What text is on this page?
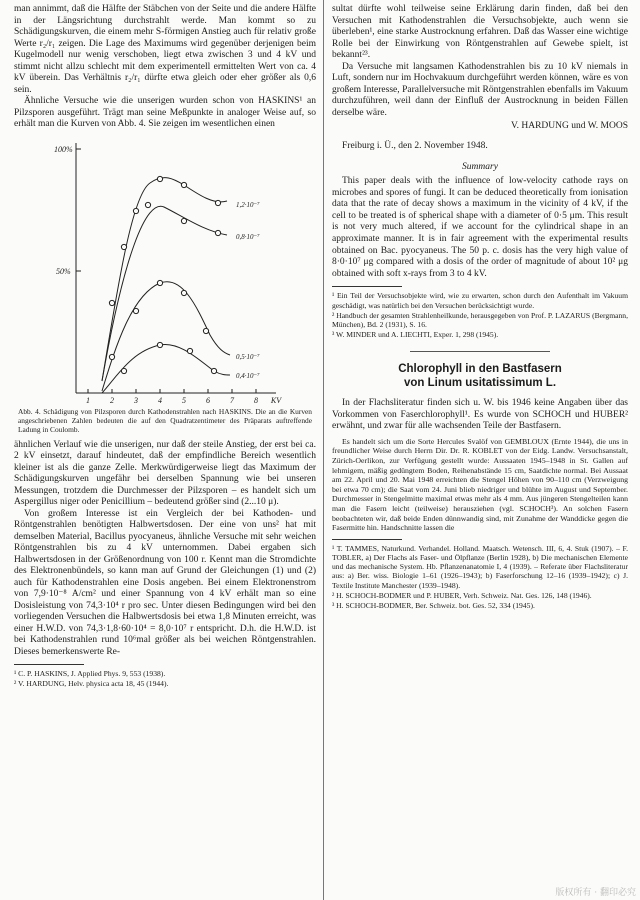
man annimmt, daß die Hälfte der Stäbchen von der Seite und die andere Hälfte in der Längsrichtung durchstrahlt werde. Man kommt so zu Schädigungskurven, die einem mehr S-förmigen Anstieg auch für relativ große Werte r₂/r₁ zeigen. Die Lage des Maximums wird gegenüber derjenigen beim Kugelmodell nur wenig verschoben, liegt etwa zwischen 3 und 4 kV und stimmt nicht allzu schlecht mit dem experimentell ermittelten Wert von ca. 4 kV überein. Das Verhältnis r₂/r₁ dürfte etwa gleich oder eher größer als 0,6 sein.

Ähnliche Versuche wie die unserigen wurden schon von HASKINS¹ an Pilzsporen ausgeführt. Trägt man seine Meßpunkte in analoger Weise auf, so erhält man die Kurven von Abb. 4. Sie zeigen im wesentlichen einen

100%
50%
1,2·10⁻⁷
0,8·10⁻⁷
0,5·10⁻⁷
0,4·10⁻⁷
1	2	3	4	5	6	7	8 KV

Abb. 4. Schädigung von Pilzsporen durch Kathodenstrahlen nach HASKINS. Die an die Kurven angeschriebenen Zahlen bedeuten die auf den Quadratzentimeter des Präparats auftreffende Ladung in Coulomb.

ähnlichen Verlauf wie die unserigen, nur daß der steile Anstieg, der erst bei ca. 2 kV einsetzt, darauf hindeutet, daß der empfindliche Bereich wesentlich kleiner ist als die ganze Zelle. Merkwürdigerweise liegt das Maximum der Schädigungskurven ungefähr bei derselben Spannung wie bei unseren Messungen, trotzdem die Durchmesser der Pilzsporen – es handelt sich um Aspergillus niger oder Penicillium – bedeutend größer sind (2...10 μ).

Von großem Interesse ist ein Vergleich der bei Kathoden- und Röntgenstrahlen benötigten Halbwertsdosen. Der eine von uns² hat mit demselben Material, Bacillus pyocyaneus, ähnliche Versuche mit sehr weichen Röntgenstrahlen bis zu 4 kV unternommen. Dabei ergaben sich Halbwertsdosen in der Größenordnung von 100 r. Kennt man die Stromdichte des Elektronenbündels, so kann man auf Grund der Gleichungen (1) und (2) auch für Kathodenstrahlen eine Dosis angeben. Bei einem Elektronenstrom von 7,9·10⁻⁸ A/cm² und einer Spannung von 4 kV erhält man so eine Dosisleistung von 74,3·10⁴ r pro sec. Unter diesen Bedingungen wird bei den vorliegenden Versuchen die Halbwertsdosis bei etwa 1,8 Minuten erreicht, was einer H.W.D. von 74,3·1,8·60·10⁴ = 8,0·10⁷ r entspricht. D.h. die H.W.D. ist bei Kathodenstrahlen rund 10⁶mal größer als bei weichen Röntgenstrahlen. Dieses bemerkenswerte Re-

¹ C. P. HASKINS, J. Applied Phys. 9, 553 (1938).

² V. HARDUNG, Helv. physica acta 18, 45 (1944).

sultat dürfte wohl teilweise seine Erklärung darin finden, daß bei den Versuchen mit Kathodenstrahlen die Versuchsobjekte, auch wenn sie überleben¹, eine starke Austrocknung erfahren. Daß das Wasser eine wichtige Rolle bei der Einwirkung von Röntgenstrahlen auf Gewebe spielt, ist bekannt²³.

Da Versuche mit langsamen Kathodenstrahlen bis zu 10 kV niemals in Luft, sondern nur im Hochvakuum durchgeführt werden können, wäre es von großem Interesse, Parallelversuche mit Röntgenstrahlen ebenfalls im Vakuum durchzuführen, weil dann der Einfluß der Austrocknung in beiden Fällen derselbe wäre.

V. HARDUNG und W. MOOS

Freiburg i. Ü., den 2. November 1948.

Summary

This paper deals with the influence of low-velocity cathode rays on microbes and spores of fungi. It can be deduced theoretically from ionisation data that the rate of decay shows a maximum in the vicinity of 4 kV, if the cell to be treated is of spherical shape with a diameter of 0·5 μm. This result is not very much altered, if we account for the cylindrical shape in an approximate manner. It is in fair agreement with the experimental results obtained on Bac. pyocyaneus. The 50 p. c. dosis has the very high value of 8·0·10⁷ μg compared with a dosis of the order of magnitude of about 10² μg obtained with soft x-rays from 3 to 4 kV.

¹ Ein Teil der Versuchsobjekte wird, wie zu erwarten, schon durch den Aufenthalt im Vakuum geschädigt, was natürlich bei den Versuchen berücksichtigt wurde.

² Handbuch der gesamten Strahlenheilkunde, herausgegeben von Prof. P. LAZARUS (Bergmann, München), Bd. 2 (1931), S. 16.

³ W. MINDER und A. LIECHTI, Exper. 1, 298 (1945).

Chlorophyll in den Bastfasern

von Linum usitatissimum L.

In der Flachsliteratur finden sich u. W. bis 1946 keine Angaben über das Vorkommen von Faserchlorophyll¹. Es wurde von SCHOCH und HUBER² erwähnt, und zwar für alle wachsenden Teile der Bastfasern.

Es handelt sich um die Sorte Hercules Svalöf von GEMBLOUX (Ernte 1944), die uns in freundlicher Weise durch Herrn Dir. Dr. R. KOBLET von der Eidg. Landw. Versuchsanstalt, Zürich-Oerlikon, zur Verfügung gestellt wurde: Aussaaten 1945–1948 in St. Gallen auf lehmigem, mäßig gedüngtem Boden, Reihenabstände 15 cm, Saatdichte normal. Bei Aussaat am 22. April und 20. Mai 1948 erreichten die Stengel Höhen von 90–110 cm (Verzweigung bei etwa 70 cm); die Saat vom 24. Juni blieb niedriger und blühte im August und September. Durchmesser in Stengelmitte maximal etwas mehr als 4 mm. Aus jüngeren Stengelteilen kann man die Fasern leicht (teilweise) herausziehen (vgl. SCHOCH³). An solchen Fasern beobachteten wir, daß beide Enden dünnwandig sind, mit Zunahme der Wanddicke gegen die Fasermitte hin. Handschnitte lassen die

¹ T. TAMMES, Naturkund. Verhandel. Holland. Maatsch. Wetensch. III, 6, 4. Stuk (1907). – F. TOBLER, a) Der Flachs als Faser- und Ölpflanze (Berlin 1928), b) Die mechanischen Elemente und das mechanische System. Hb. Pflanzenanatomie I, 4 (1939). – Referate über Flachsliteratur aus: a) Ber. wiss. Biologie 1–61 (1926–1943); b) Faserforschung 12–16 (1939–1942); c) J. Textile Institute Manchester (1939–1948).

² H. SCHOCH-BODMER und P. HUBER, Verh. Schweiz. Nat. Ges. 126, 148 (1946).

³ H. SCHOCH-BODMER, Ber. Schweiz. bot. Ges. 52, 334 (1945).

版权所有 · 翻印必究
